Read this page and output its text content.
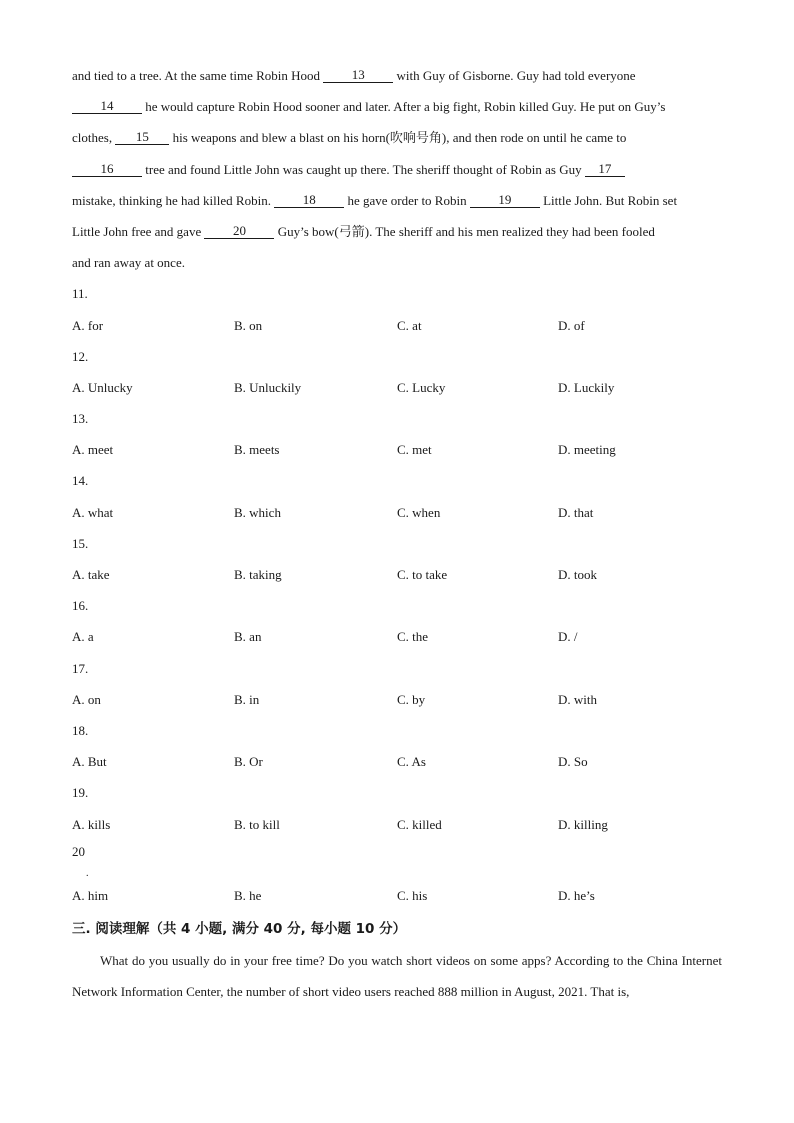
and tied to a tree. At the same time Robin Hood 13 with Guy of Gisborne. Guy had told everyone
14 he would capture Robin Hood sooner and later. After a big fight, Robin killed Guy. He put on Guy’s
clothes, 15 his weapons and blew a blast on his horn(吹响号角), and then rode on until he came to
16 tree and found Little John was caught up there. The sheriff thought of Robin as Guy 17
mistake, thinking he had killed Robin. 18 he gave order to Robin 19 Little John. But Robin set
Little John free and gave 20 Guy’s bow(弓箭). The sheriff and his men realized they had been fooled
and ran away at once.
11.
A. for	B. on	C. at	D. of
12.
A. Unlucky	B. Unluckily	C. Lucky	D. Luckily
13.
A. meet	B. meets	C. met	D. meeting
14.
A. what	B. which	C. when	D. that
15.
A. take	B. taking	C. to take	D. took
16.
A. a	B. an	C. the	D. /
17.
A. on	B. in	C. by	D. with
18.
A. But	B. Or	C. As	D. So
19.
A. kills	B. to kill	C. killed	D. killing
20
.
A. him	B. he	C. his	D. he’s
三. 阅读理解（共 4 小题, 满分 40 分, 每小题 10 分）

What do you usually do in your free time? Do you watch short videos on some apps? According to the China Internet Network Information Center, the number of short video users reached 888 million in August, 2021. That is,
